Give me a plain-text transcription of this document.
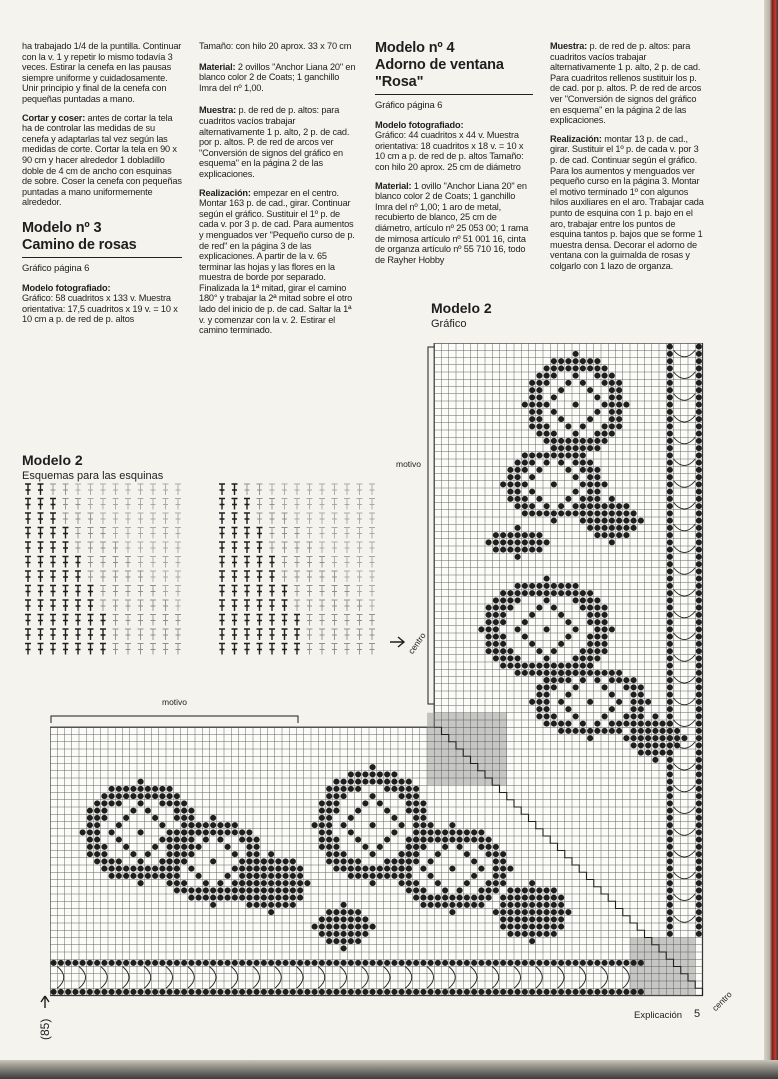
ha trabajado 1/4 de la puntilla. Continuar con la v. 1 y repetir lo mismo todavía 3 veces. Estirar la cenefa en las pausas siempre uniforme y cuidadosamente. Unir principio y final de la cenefa con pequeñas puntadas a mano.

Cortar y coser: antes de cortar la tela ha de controlar las medidas de su cenefa y adaptarlas tal vez según las medidas de corte. Cortar la tela en 90 x 90 cm y hacer alrededor 1 dobladillo doble de 4 cm de ancho con esquinas de sobre. Coser la cenefa con pequeñas puntadas a mano uniformemente alrededor.

Modelo nº 3
Camino de rosas
Gráfico página 6

Modelo fotografiado:
Gráfico: 58 cuadritos x 133 v. Muestra orientativa: 17,5 cuadritos x 19 v. = 10 x 10 cm a p. de red de p. altos

Tamaño: con hilo 20 aprox. 33 x 70 cm

Material: 2 ovillos "Anchor Liana 20" en blanco color 2 de Coats; 1 ganchillo Imra del nº 1,00.

Muestra: p. de red de p. altos: para cuadritos vacíos trabajar alternativamente 1 p. alto, 2 p. de cad. por p. altos. P. de red de arcos ver "Conversión de signos del gráfico en esquema" en la página 2 de las explicaciones.

Realización: empezar en el centro. Montar 163 p. de cad., girar. Continuar según el gráfico. Sustituir el 1º p. de cada v. por 3 p. de cad. Para aumentos y menguados ver "Pequeño curso de p. de red" en la página 3 de las explicaciones. A partir de la v. 65 terminar las hojas y las flores en la muestra de borde por separado. Finalizada la 1ª mitad, girar el camino 180° y trabajar la 2ª mitad sobre el otro lado del inicio de p. de cad. Saltar la 1ª v. y comenzar con la v. 2. Estirar el camino terminado.

Modelo nº 4
Adorno de ventana
"Rosa"
Gráfico página 6

Modelo fotografiado:
Gráfico: 44 cuadritos x 44 v. Muestra orientativa: 18 cuadritos x 18 v. = 10 x 10 cm a p. de red de p. altos Tamaño: con hilo 20 aprox. 25 cm de diámetro

Material: 1 ovillo "Anchor Liana 20" en blanco color 2 de Coats; 1 ganchillo Imra del nº 1,00; 1 aro de metal, recubierto de blanco, 25 cm de diámetro, artículo nº 25 053 00; 1 rama de mimosa artículo nº 51 001 16, cinta de organza artículo nº 55 710 16, todo de Rayher Hobby

Muestra: p. de red de p. altos: para cuadritos vacíos trabajar alternativamente 1 p. alto, 2 p. de cad. Para cuadritos rellenos sustituir los p. de cad. por p. altos. P. de red de arcos ver "Conversión de signos del gráfico en esquema" en la página 2 de las explicaciones.

Realización: montar 13 p. de cad., girar. Sustituir el 1º p. de cada v. por 3 p. de cad. Continuar según el gráfico. Para los aumentos y menguados ver pequeño curso en la página 3. Montar el motivo terminado 1º con algunos hilos auxiliares en el aro. Trabajar cada punto de esquina con 1 p. bajo en el aro, trabajar entre los puntos de esquina tantos p. bajos que se forme 1 muestra densa. Decorar el adorno de ventana con la guirnalda de rosas y colgarlo con 1 lazo de organza.

Modelo 2
Gráfico
Modelo 2
Esquemas para las esquinas
motivo
motivo
centro
centro
(85)
Explicación 5
